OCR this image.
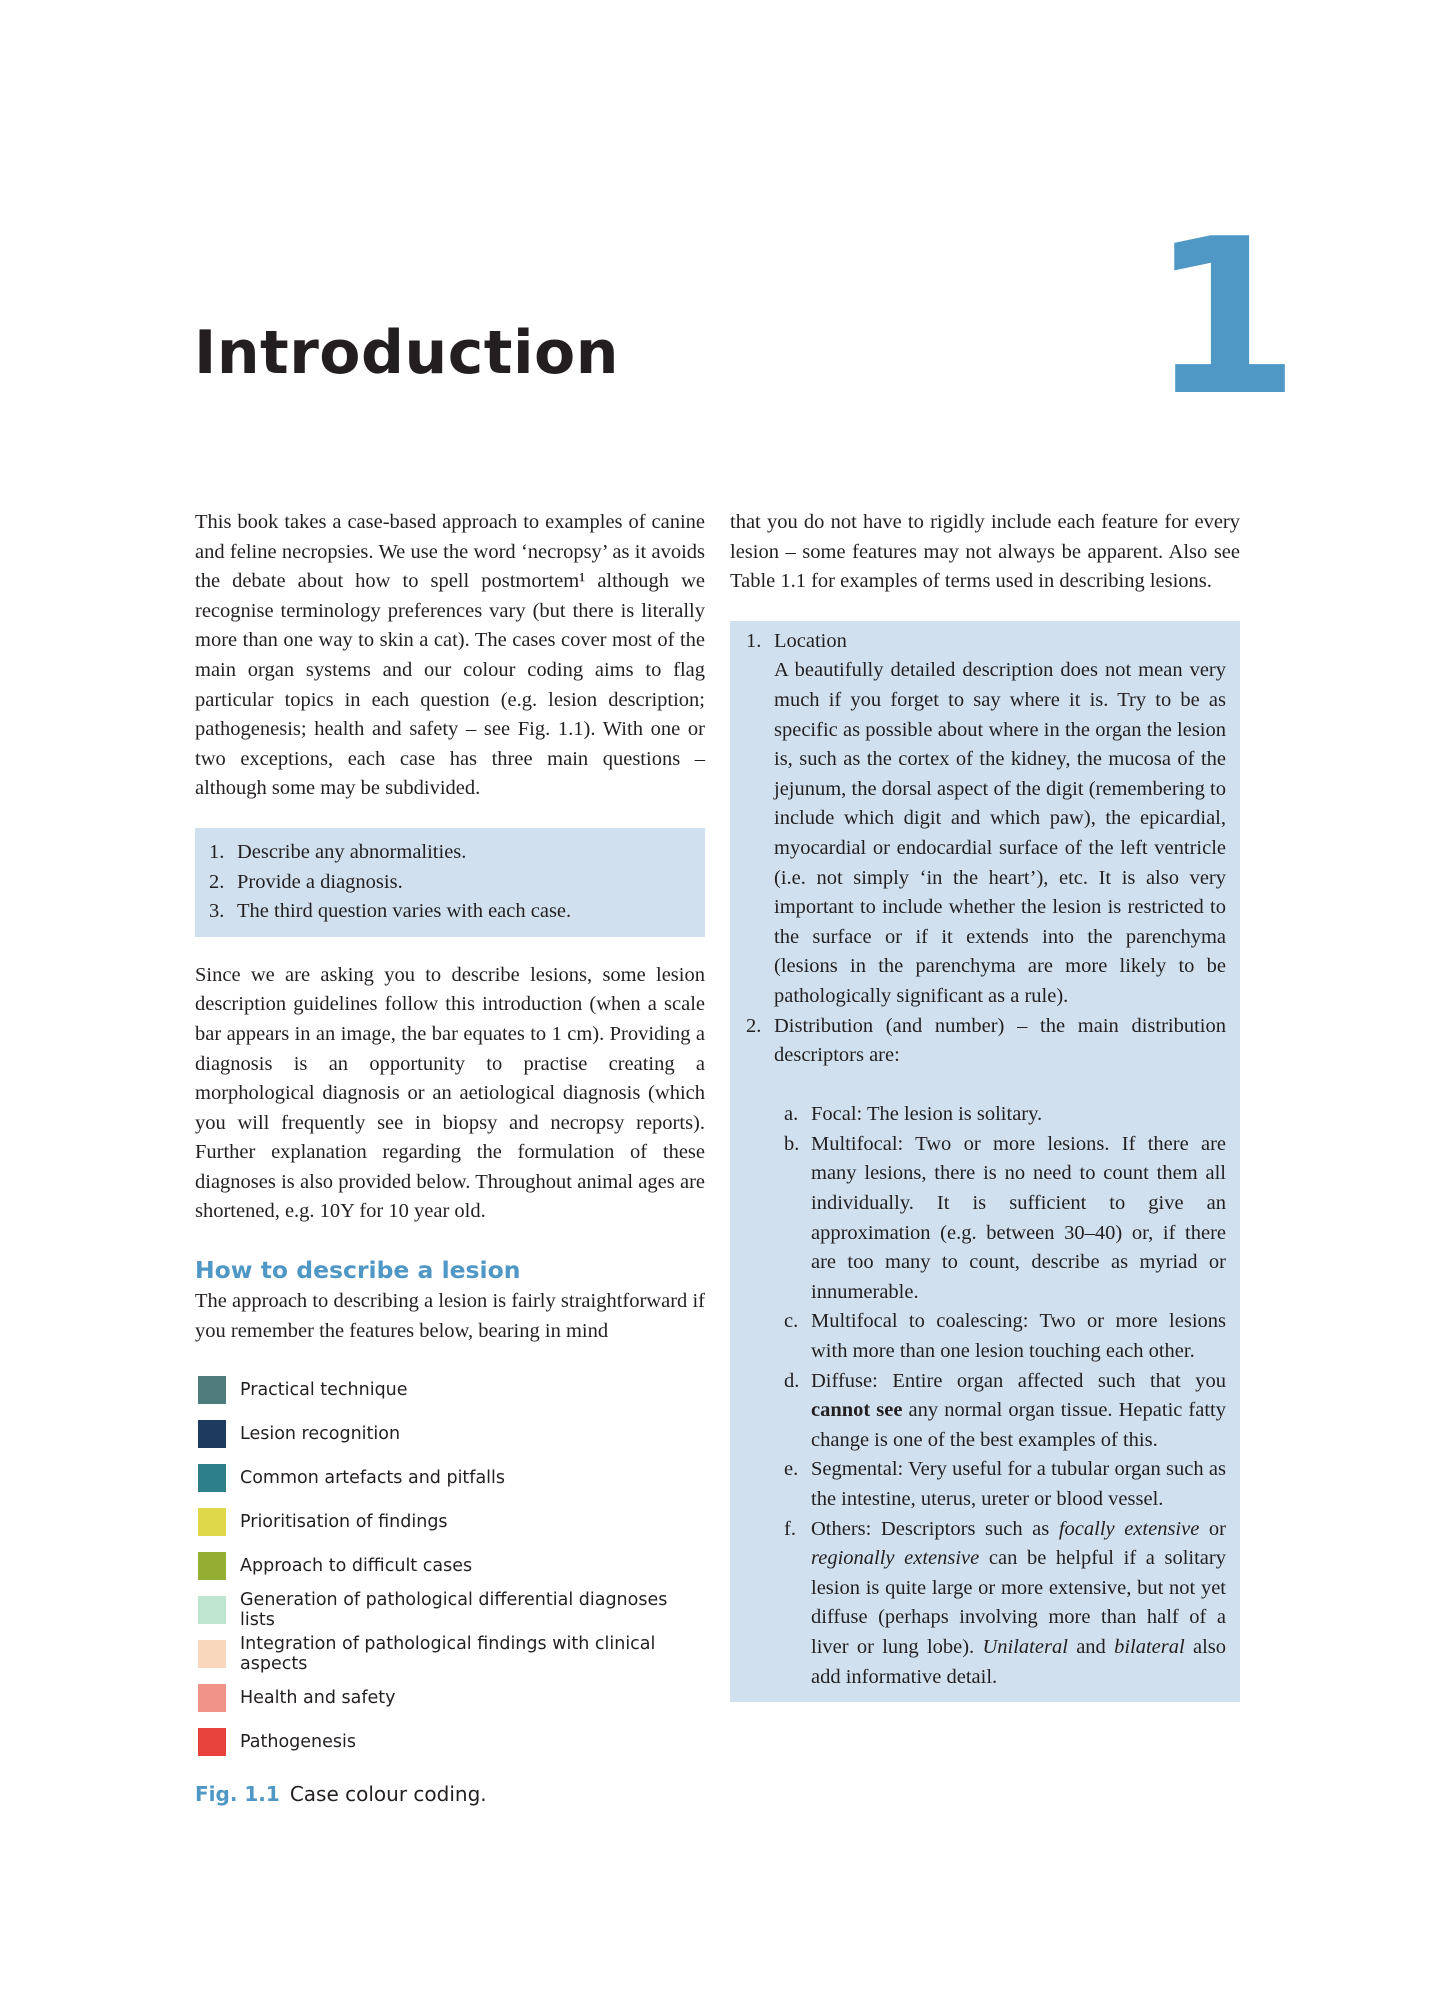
1
Introduction

This book takes a case-based approach to examples of canine and feline necropsies. We use the word ‘necropsy’ as it avoids the debate about how to spell postmortem¹ although we recognise terminology preferences vary (but there is literally more than one way to skin a cat). The cases cover most of the main organ systems and our colour coding aims to flag particular topics in each question (e.g. lesion description; pathogenesis; health and safety – see Fig. 1.1). With one or two exceptions, each case has three main questions – although some may be subdivided.

1. Describe any abnormalities.
2. Provide a diagnosis.
3. The third question varies with each case.

Since we are asking you to describe lesions, some lesion description guidelines follow this introduction (when a scale bar appears in an image, the bar equates to 1 cm). Providing a diagnosis is an opportunity to practise creating a morphological diagnosis or an aetiological diagnosis (which you will frequently see in biopsy and necropsy reports). Further explanation regarding the formulation of these diagnoses is also provided below. Throughout animal ages are shortened, e.g. 10Y for 10 year old.

How to describe a lesion

The approach to describing a lesion is fairly straightforward if you remember the features below, bearing in mind

Practical technique
Lesion recognition
Common artefacts and pitfalls
Prioritisation of findings
Approach to difficult cases
Generation of pathological differential diagnoses lists
Integration of pathological findings with clinical aspects
Health and safety
Pathogenesis
Fig. 1.1 Case colour coding.

that you do not have to rigidly include each feature for every lesion – some features may not always be apparent. Also see Table 1.1 for examples of terms used in describing lesions.

1. Location
A beautifully detailed description does not mean very much if you forget to say where it is. Try to be as specific as possible about where in the organ the lesion is, such as the cortex of the kidney, the mucosa of the jejunum, the dorsal aspect of the digit (remembering to include which digit and which paw), the epicardial, myocardial or endocardial surface of the left ventricle (i.e. not simply ‘in the heart’), etc. It is also very important to include whether the lesion is restricted to the surface or if it extends into the parenchyma (lesions in the parenchyma are more likely to be pathologically significant as a rule).
2. Distribution (and number) – the main distribution descriptors are:
a. Focal: The lesion is solitary.
b. Multifocal: Two or more lesions. If there are many lesions, there is no need to count them all individually. It is sufficient to give an approximation (e.g. between 30–40) or, if there are too many to count, describe as myriad or innumerable.
c. Multifocal to coalescing: Two or more lesions with more than one lesion touching each other.
d. Diffuse: Entire organ affected such that you cannot see any normal organ tissue. Hepatic fatty change is one of the best examples of this.
e. Segmental: Very useful for a tubular organ such as the intestine, uterus, ureter or blood vessel.
f. Others: Descriptors such as focally extensive or regionally extensive can be helpful if a solitary lesion is quite large or more extensive, but not yet diffuse (perhaps involving more than half of a liver or lung lobe). Unilateral and bilateral also add informative detail.
